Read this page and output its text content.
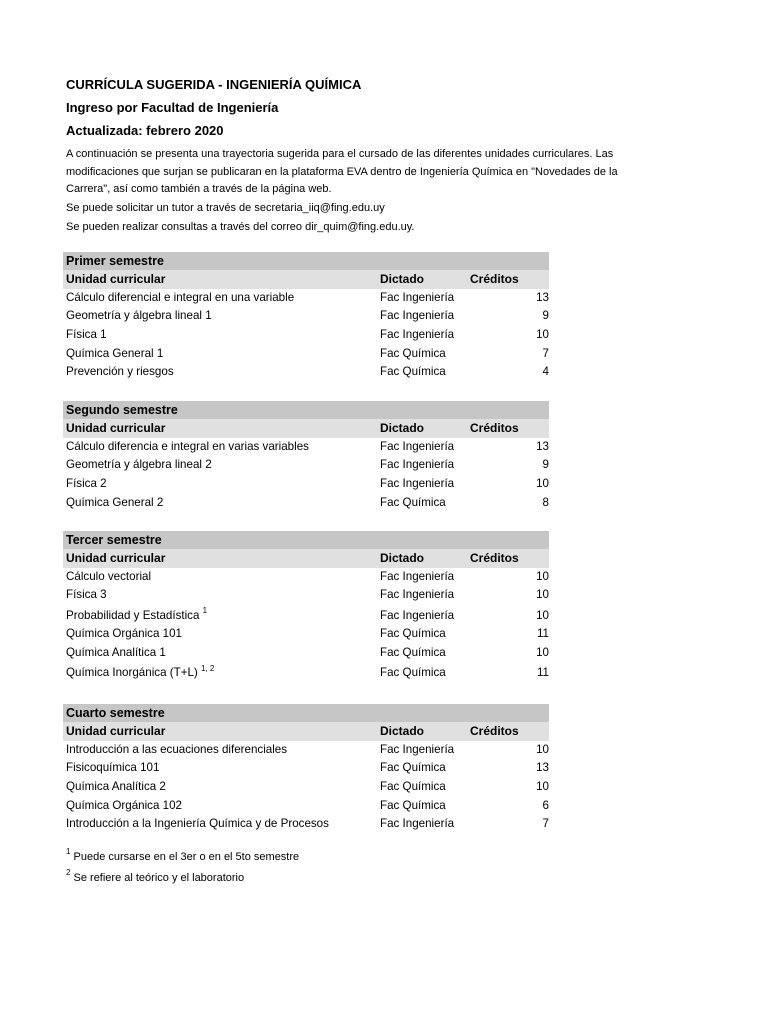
CURRÍCULA SUGERIDA - INGENIERÍA QUÍMICA
Ingreso por Facultad de Ingeniería
Actualizada: febrero 2020

A continuación se presenta una trayectoria sugerida para el cursado de las diferentes unidades curriculares. Las modificaciones que surjan se publicaran en la plataforma EVA dentro de Ingeniería Química en "Novedades de la Carrera", así como también a través de la página web.

Se puede solicitar un tutor a través de secretaria_iiq@fing.edu.uy
Se pueden realizar consultas a través del correo dir_quim@fing.edu.uy.
Primer semestre
Unidad curricular	Dictado	Créditos
Cálculo diferencial e integral en una variable	Fac Ingeniería	13
Geometría y álgebra lineal 1	Fac Ingeniería	9
Física 1	Fac Ingeniería	10
Química General 1	Fac Química	7
Prevención y riesgos	Fac Química	4
Segundo semestre
Unidad curricular	Dictado	Créditos
Cálculo diferencia e integral en varias variables	Fac Ingeniería	13
Geometría y álgebra lineal 2	Fac Ingeniería	9
Física 2	Fac Ingeniería	10
Química General 2	Fac Química	8
Tercer semestre
Unidad curricular	Dictado	Créditos
Cálculo vectorial	Fac Ingeniería	10
Física 3	Fac Ingeniería	10
Probabilidad y Estadística $^1$	Fac Ingeniería	10
Química Orgánica 101	Fac Química	11
Química Analítica 1	Fac Química	10
Química Inorgánica (T+L) $^{1, 2}$	Fac Química	11
Cuarto semestre
Unidad curricular	Dictado	Créditos
Introducción a las ecuaciones diferenciales	Fac Ingeniería	10
Fisicoquímica 101	Fac Química	13
Química Analítica 2	Fac Química	10
Química Orgánica 102	Fac Química	6
Introducción a la Ingeniería Química y de Procesos	Fac Ingeniería	7
$^1$ Puede cursarse en el 3er o en el 5to semestre
$^2$ Se refiere al teórico y el laboratorio
